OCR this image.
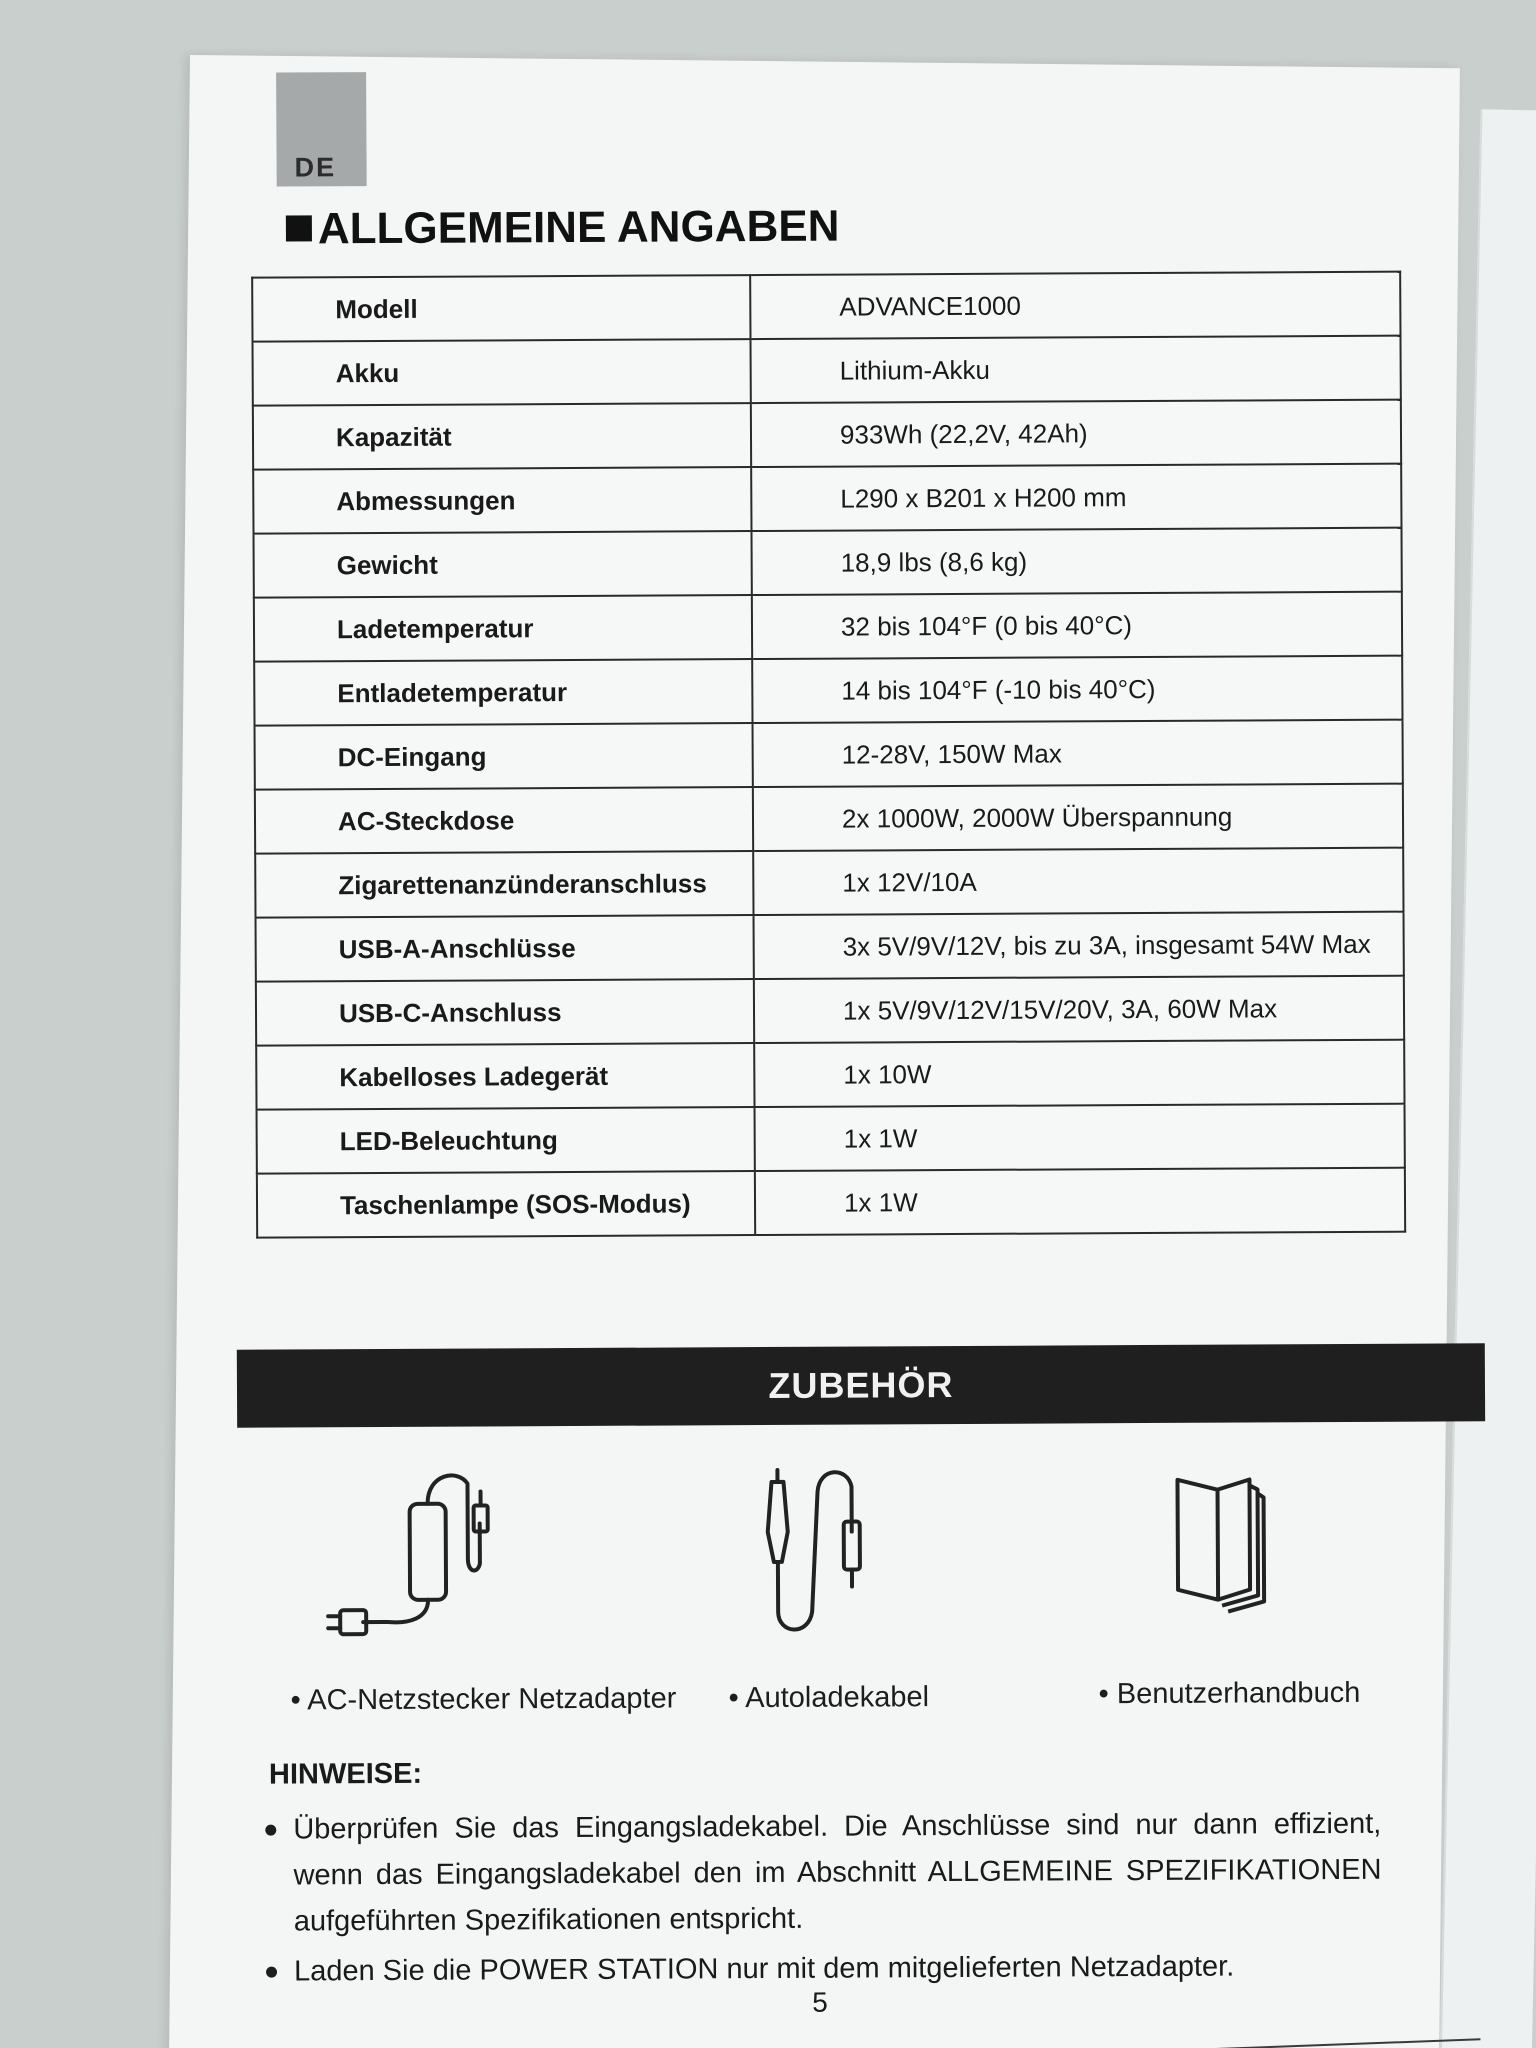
DE
ALLGEMEINE ANGABEN
Modell	ADVANCE1000
Akku	Lithium-Akku
Kapazität	933Wh (22,2V, 42Ah)
Abmessungen	L290 x B201 x H200 mm
Gewicht	18,9 lbs (8,6 kg)
Ladetemperatur	32 bis 104°F (0 bis 40°C)
Entladetemperatur	14 bis 104°F (-10 bis 40°C)
DC-Eingang	12-28V, 150W Max
AC-Steckdose	2x 1000W, 2000W Überspannung
Zigarettenanzünderanschluss	1x 12V/10A
USB-A-Anschlüsse	3x 5V/9V/12V, bis zu 3A, insgesamt 54W Max
USB-C-Anschluss	1x 5V/9V/12V/15V/20V, 3A, 60W Max
Kabelloses Ladegerät	1x 10W
LED-Beleuchtung	1x 1W
Taschenlampe (SOS-Modus)	1x 1W
ZUBEHÖR
• AC-Netzstecker Netzadapter • Autoladekabel	• Benutzerhandbuch
HINWEISE:
Überprüfen Sie das Eingangsladekabel. Die Anschlüsse sind nur dann effizient, wenn das Eingangsladekabel den im Abschnitt ALLGEMEINE SPEZIFIKATIONEN aufgeführten Spezifikationen entspricht.
Laden Sie die POWER STATION nur mit dem mitgelieferten Netzadapter.
5
